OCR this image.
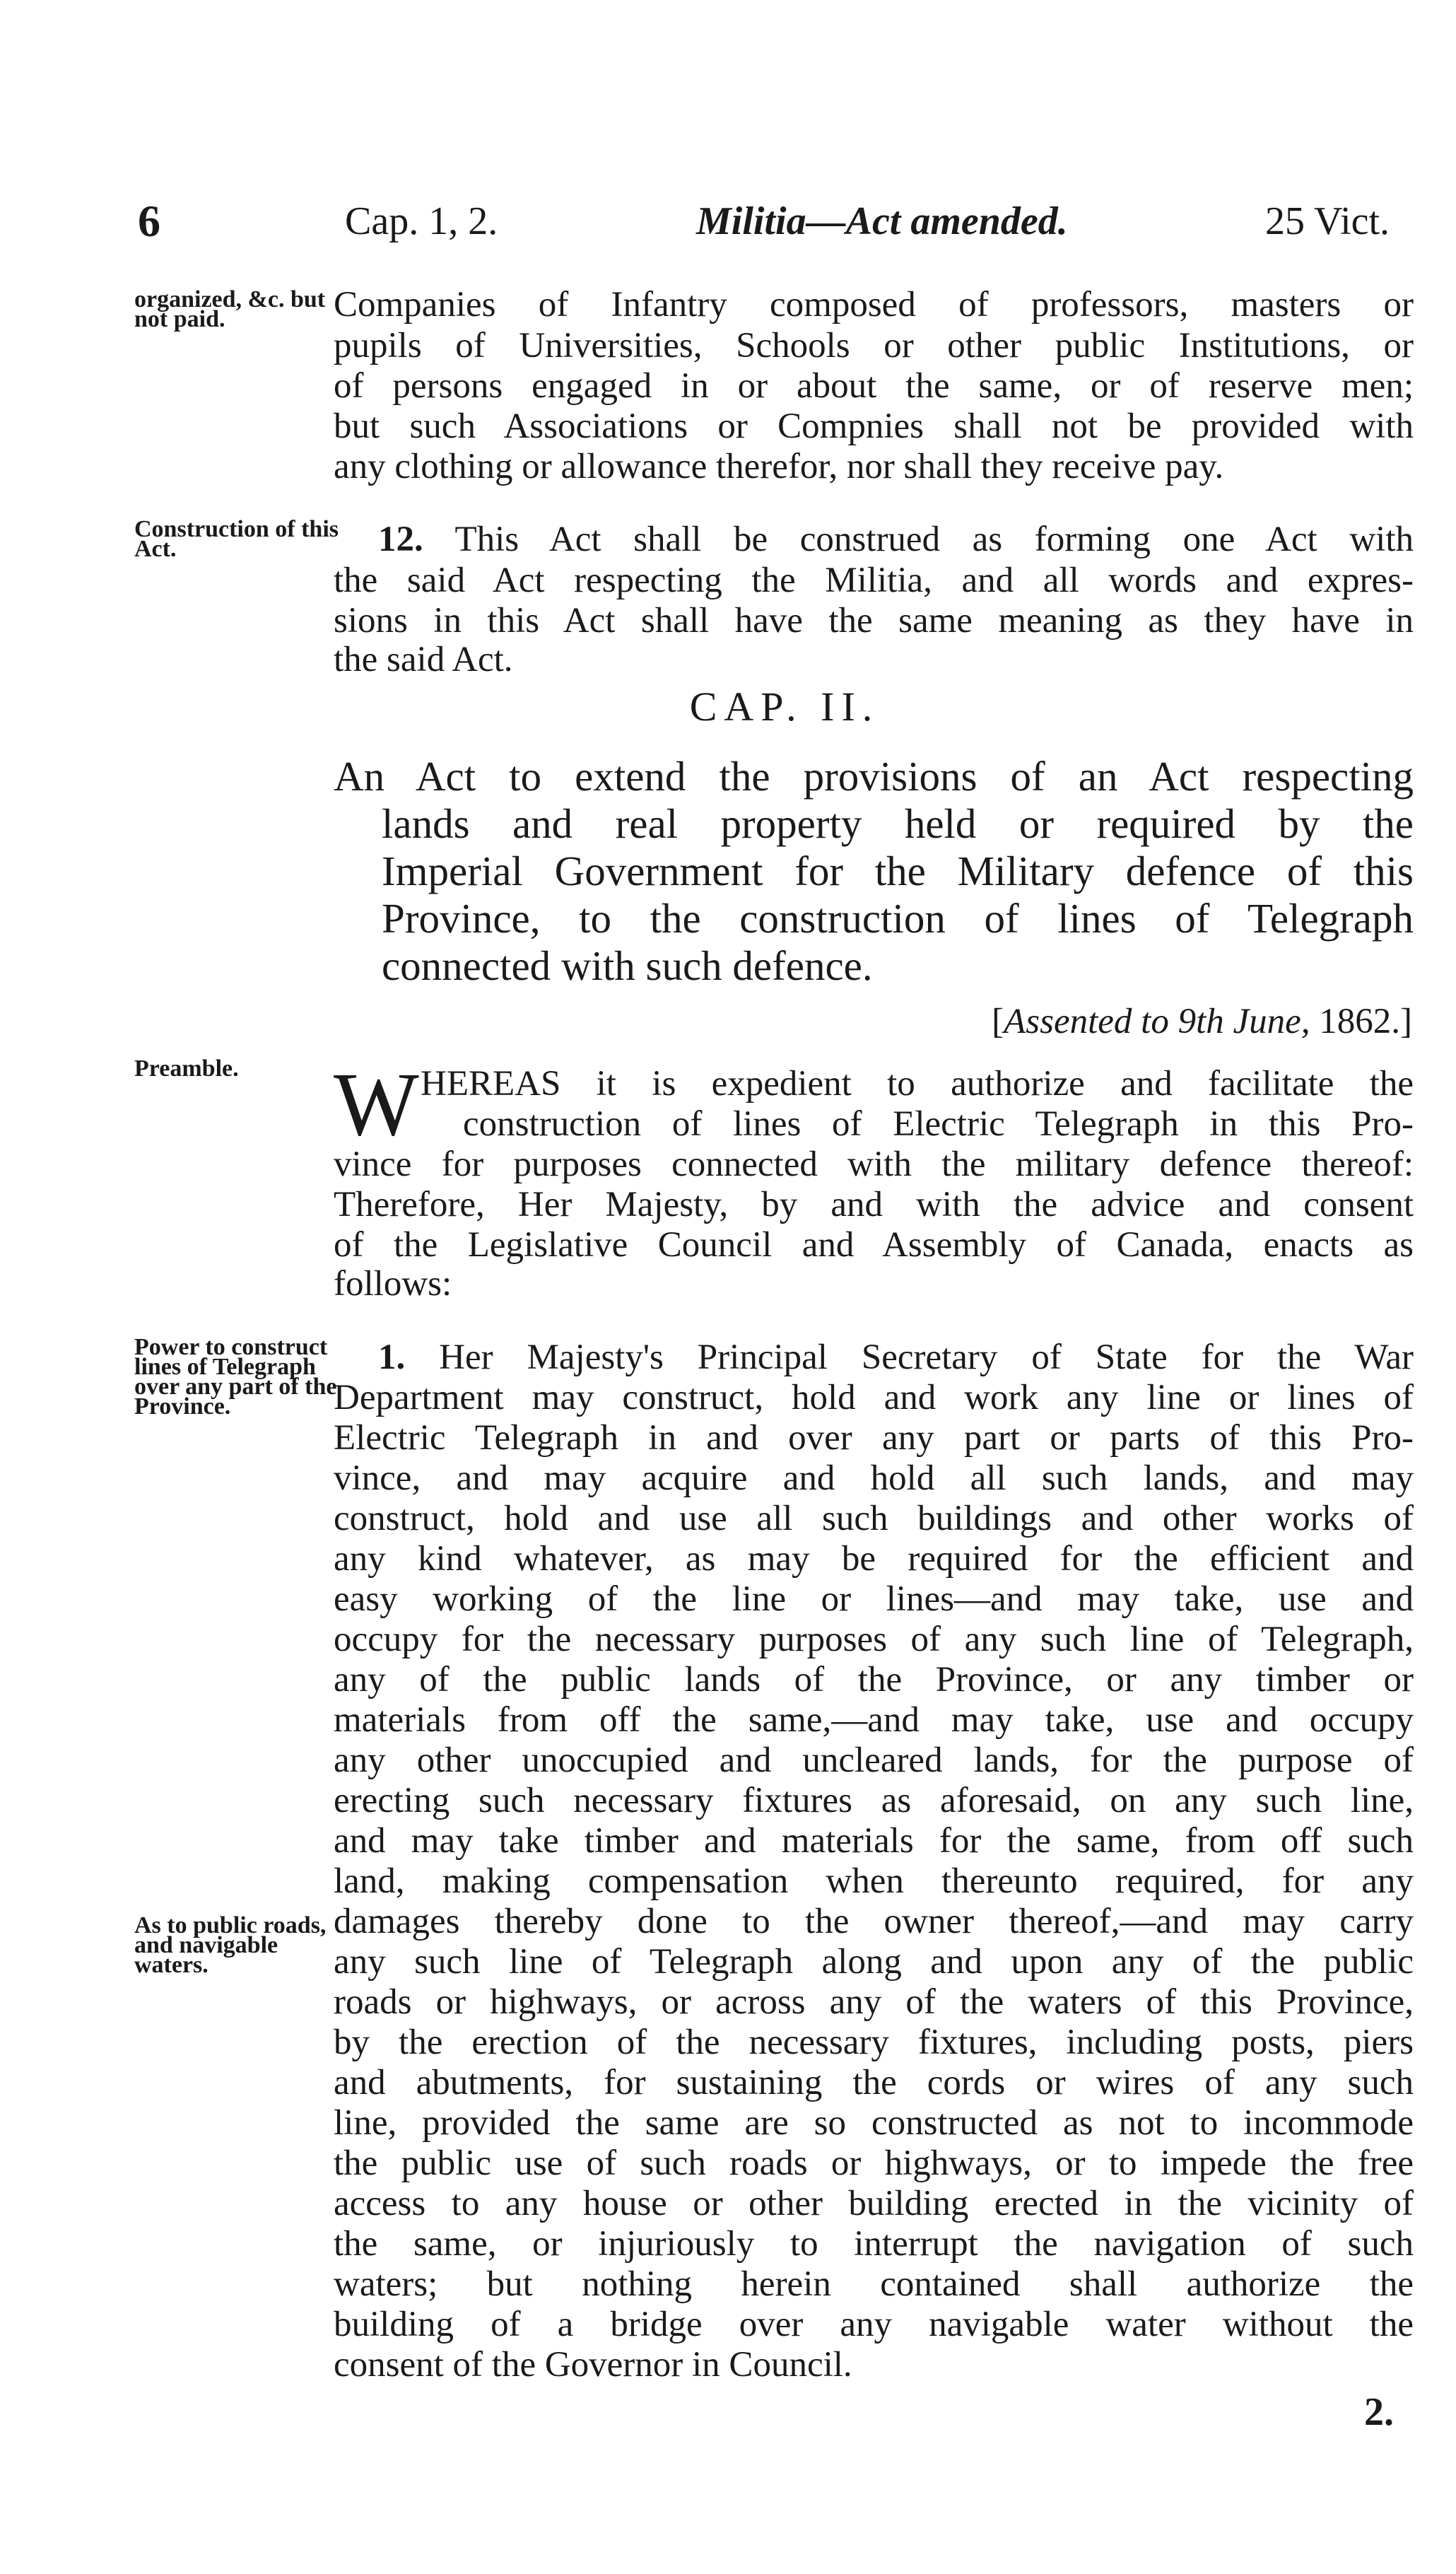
6	Cap. 1, 2.	Militia—Act amended.	25 Vict.
organized, &c. but not paid.
Construction of this Act.
Preamble.
Power to construct lines of Telegraph over any part of the Province.
As to public roads, and navigable waters.
Companies of Infantry composed of professors, masters or
pupils of Universities, Schools or other public Institutions, or
of persons engaged in or about the same, or of reserve men;
but such Associations or Compnies shall not be provided with
any clothing or allowance therefor, nor shall they receive pay.
12. This Act shall be construed as forming one Act with
the said Act respecting the Militia, and all words and expres-
sions in this Act shall have the same meaning as they have in
the said Act.
CAP. II.
An Act to extend the provisions of an Act respecting
lands and real property held or required by the
Imperial Government for the Military defence of this
Province, to the construction of lines of Telegraph
connected with such defence.
[Assented to 9th June, 1862.]
W HEREAS it is expedient to authorize and facilitate the
construction of lines of Electric Telegraph in this Pro-
vince for purposes connected with the military defence thereof:
Therefore, Her Majesty, by and with the advice and consent
of the Legislative Council and Assembly of Canada, enacts as
follows:
1. Her Majesty's Principal Secretary of State for the War
Department may construct, hold and work any line or lines of
Electric Telegraph in and over any part or parts of this Pro-
vince, and may acquire and hold all such lands, and may
construct, hold and use all such buildings and other works of
any kind whatever, as may be required for the efficient and
easy working of the line or lines—and may take, use and
occupy for the necessary purposes of any such line of Telegraph,
any of the public lands of the Province, or any timber or
materials from off the same,—and may take, use and occupy
any other unoccupied and uncleared lands, for the purpose of
erecting such necessary fixtures as aforesaid, on any such line,
and may take timber and materials for the same, from off such
land, making compensation when thereunto required, for any
damages thereby done to the owner thereof,—and may carry
any such line of Telegraph along and upon any of the public
roads or highways, or across any of the waters of this Province,
by the erection of the necessary fixtures, including posts, piers
and abutments, for sustaining the cords or wires of any such
line, provided the same are so constructed as not to incommode
the public use of such roads or highways, or to impede the free
access to any house or other building erected in the vicinity of
the same, or injuriously to interrupt the navigation of such
waters; but nothing herein contained shall authorize the
building of a bridge over any navigable water without the
consent of the Governor in Council.
2.
